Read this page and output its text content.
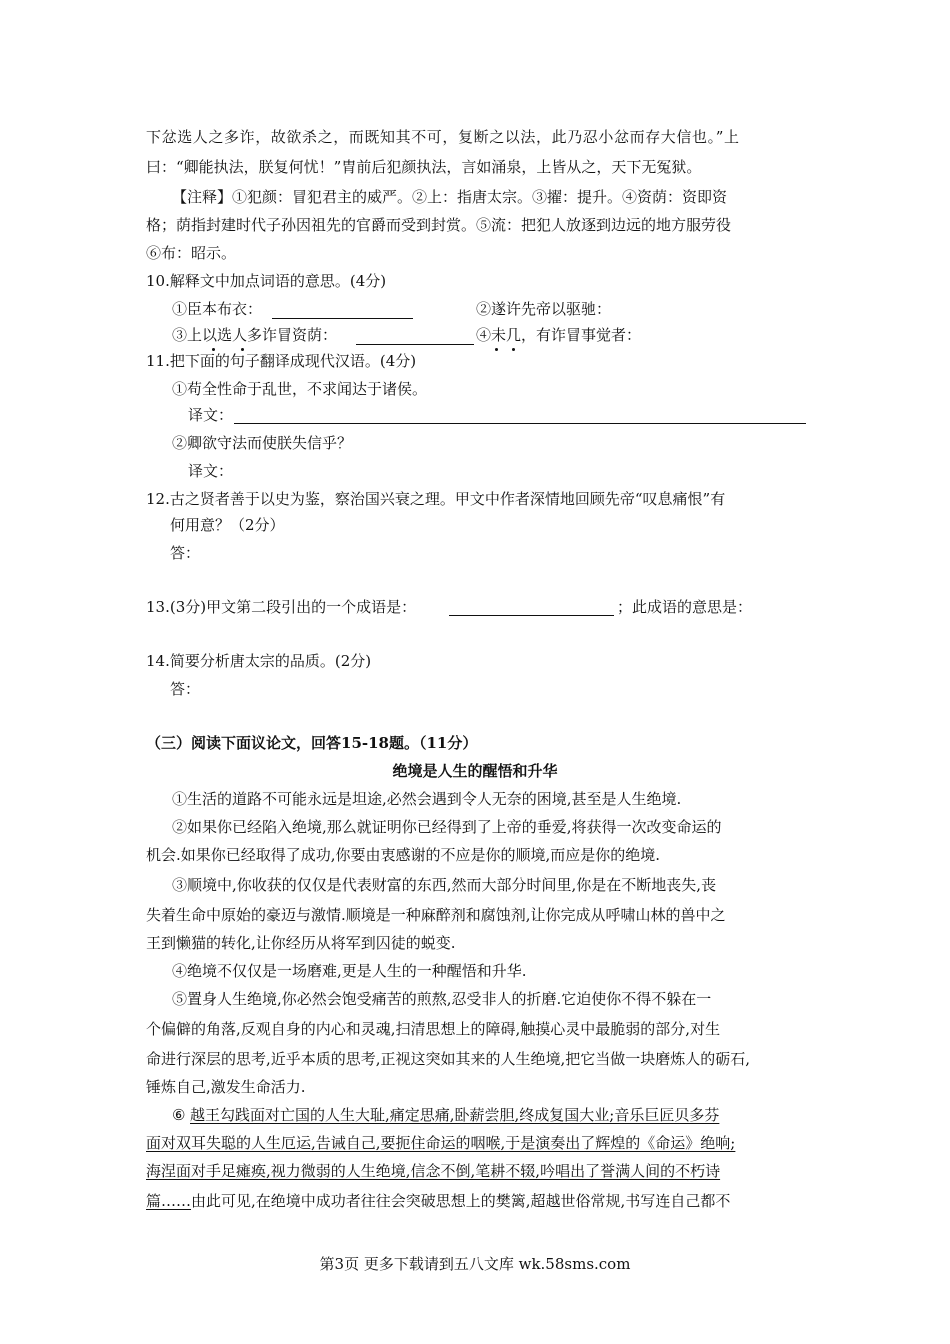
下忿选人之多诈，故欲杀之，而既知其不可，复断之以法，此乃忍小忿而存大信也。”上
曰：“卿能执法，朕复何忧！”胄前后犯颜执法，言如涌泉，上皆从之，天下无冤狱。
【注释】①犯颜：冒犯君主的威严。②上：指唐太宗。③擢：提升。④资荫：资即资
格；荫指封建时代子孙因祖先的官爵而受到封赏。⑤流：把犯人放逐到边远的地方服劳役
⑥布：昭示。
10.解释文中加点词语的意思。(4分)
①臣本布衣：	②遂许先帝以驱驰：
③上以选人多诈冒资荫：	④未几，有诈冒事觉者：
11.把下面的句子翻译成现代汉语。(4分)
①苟全性命于乱世，不求闻达于诸侯。
译文：
②卿欲守法而使朕失信乎？
译文：
12.古之贤者善于以史为鉴，察治国兴衰之理。甲文中作者深情地回顾先帝“叹息痛恨”有
何用意？（2分）
答：
13.(3分)甲文第二段引出的一个成语是：	；此成语的意思是：
14.简要分析唐太宗的品质。(2分)
答：
（三）阅读下面议论文，回答15-18题。（11分）
绝境是人生的醒悟和升华
①生活的道路不可能永远是坦途,必然会遇到令人无奈的困境,甚至是人生绝境.
②如果你已经陷入绝境,那么就证明你已经得到了上帝的垂爱,将获得一次改变命运的
机会.如果你已经取得了成功,你要由衷感谢的不应是你的顺境,而应是你的绝境.
③顺境中,你收获的仅仅是代表财富的东西,然而大部分时间里,你是在不断地丧失,丧
失着生命中原始的豪迈与激情.顺境是一种麻醉剂和腐蚀剂,让你完成从呼啸山林的兽中之
王到懒猫的转化,让你经历从将军到囚徒的蜕变.
④绝境不仅仅是一场磨难,更是人生的一种醒悟和升华.
⑤置身人生绝境,你必然会饱受痛苦的煎熬,忍受非人的折磨.它迫使你不得不躲在一
个偏僻的角落,反观自身的内心和灵魂,扫清思想上的障碍,触摸心灵中最脆弱的部分,对生
命进行深层的思考,近乎本质的思考,正视这突如其来的人生绝境,把它当做一块磨炼人的砺石,
锤炼自己,激发生命活力.
⑥ 越王勾践面对亡国的人生大耻,痛定思痛,卧薪尝胆,终成复国大业;音乐巨匠贝多芬
面对双耳失聪的人生厄运,告诫自己,要扼住命运的咽喉,于是演奏出了辉煌的《命运》绝响;
海涅面对手足瘫痪,视力微弱的人生绝境,信念不倒,笔耕不辍,吟唱出了誉满人间的不朽诗
篇……由此可见,在绝境中成功者往往会突破思想上的樊篱,超越世俗常规,书写连自己都不
第3页 更多下载请到五八文库 wk.58sms.com
